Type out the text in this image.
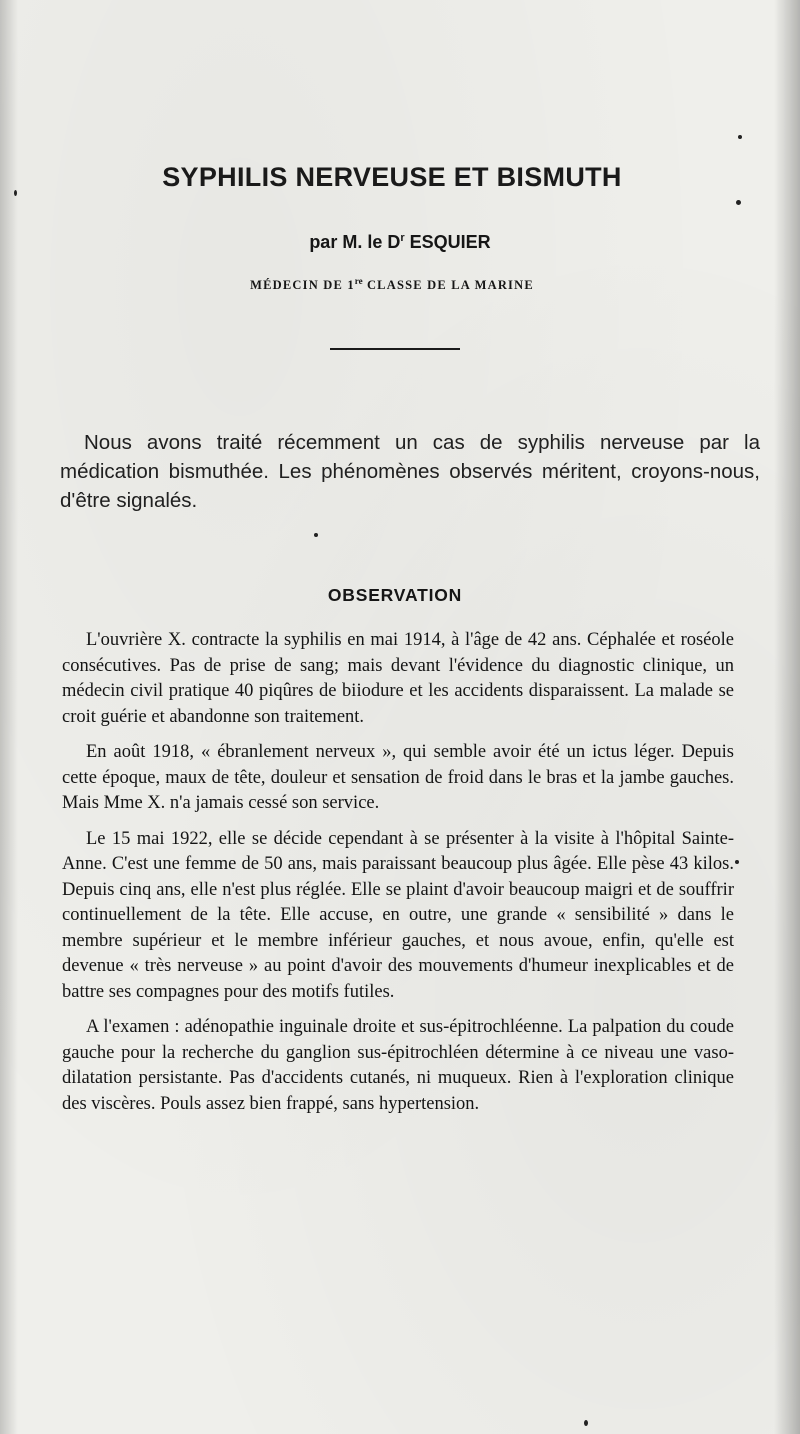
SYPHILIS NERVEUSE ET BISMUTH
par M. le $D^r$ ESQUIER
MÉDECIN DE 1re CLASSE DE LA MARINE
Nous avons traité récemment un cas de syphilis nerveuse par la médication bismuthée. Les phénomènes observés méritent, croyons-nous, d'être signalés.
OBSERVATION

L'ouvrière X. contracte la syphilis en mai 1914, à l'âge de 42 ans. Céphalée et roséole consécutives. Pas de prise de sang; mais devant l'évidence du diagnostic clinique, un médecin civil pratique 40 piqûres de biiodure et les accidents disparaissent. La malade se croit guérie et abandonne son traitement.

En août 1918, « ébranlement nerveux », qui semble avoir été un ictus léger. Depuis cette époque, maux de tête, douleur et sensation de froid dans le bras et la jambe gauches. Mais Mme X. n'a jamais cessé son service.

Le 15 mai 1922, elle se décide cependant à se présenter à la visite à l'hôpital Sainte-Anne. C'est une femme de 50 ans, mais paraissant beaucoup plus âgée. Elle pèse 43 kilos. Depuis cinq ans, elle n'est plus réglée. Elle se plaint d'avoir beaucoup maigri et de souffrir continuellement de la tête. Elle accuse, en outre, une grande « sensibilité » dans le membre supérieur et le membre inférieur gauches, et nous avoue, enfin, qu'elle est devenue « très nerveuse » au point d'avoir des mouvements d'humeur inexplicables et de battre ses compagnes pour des motifs futiles.

A l'examen : adénopathie inguinale droite et sus-épitrochléenne. La palpation du coude gauche pour la recherche du ganglion sus-épitrochléen détermine à ce niveau une vaso-dilatation persistante. Pas d'accidents cutanés, ni muqueux. Rien à l'exploration clinique des viscères. Pouls assez bien frappé, sans hypertension.
